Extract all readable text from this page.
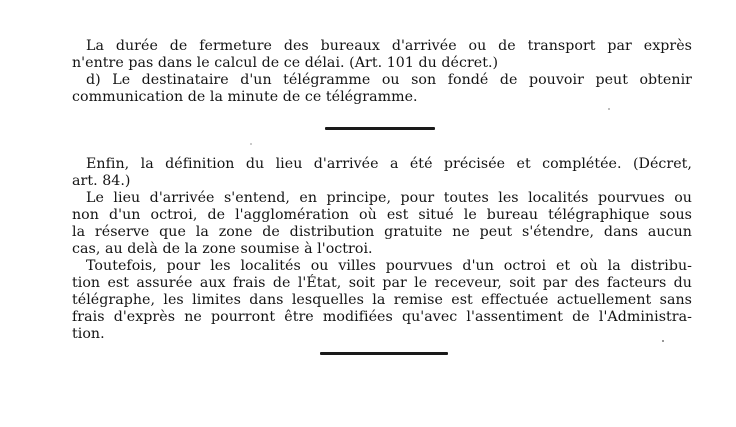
La durée de fermeture des bureaux d'arrivée ou de transport par exprès
n'entre pas dans le calcul de ce délai. (Art. 101 du décret.)
d) Le destinataire d'un télégramme ou son fondé de pouvoir peut obtenir
communication de la minute de ce télégramme.
Enfin, la définition du lieu d'arrivée a été précisée et complétée. (Décret,
art. 84.)
Le lieu d'arrivée s'entend, en principe, pour toutes les localités pourvues ou
non d'un octroi, de l'agglomération où est situé le bureau télégraphique sous
la réserve que la zone de distribution gratuite ne peut s'étendre, dans aucun
cas, au delà de la zone soumise à l'octroi.
Toutefois, pour les localités ou villes pourvues d'un octroi et où la distribu-
tion est assurée aux frais de l'État, soit par le receveur, soit par des facteurs du
télégraphe, les limites dans lesquelles la remise est effectuée actuellement sans
frais d'exprès ne pourront être modifiées qu'avec l'assentiment de l'Administra-
tion.
